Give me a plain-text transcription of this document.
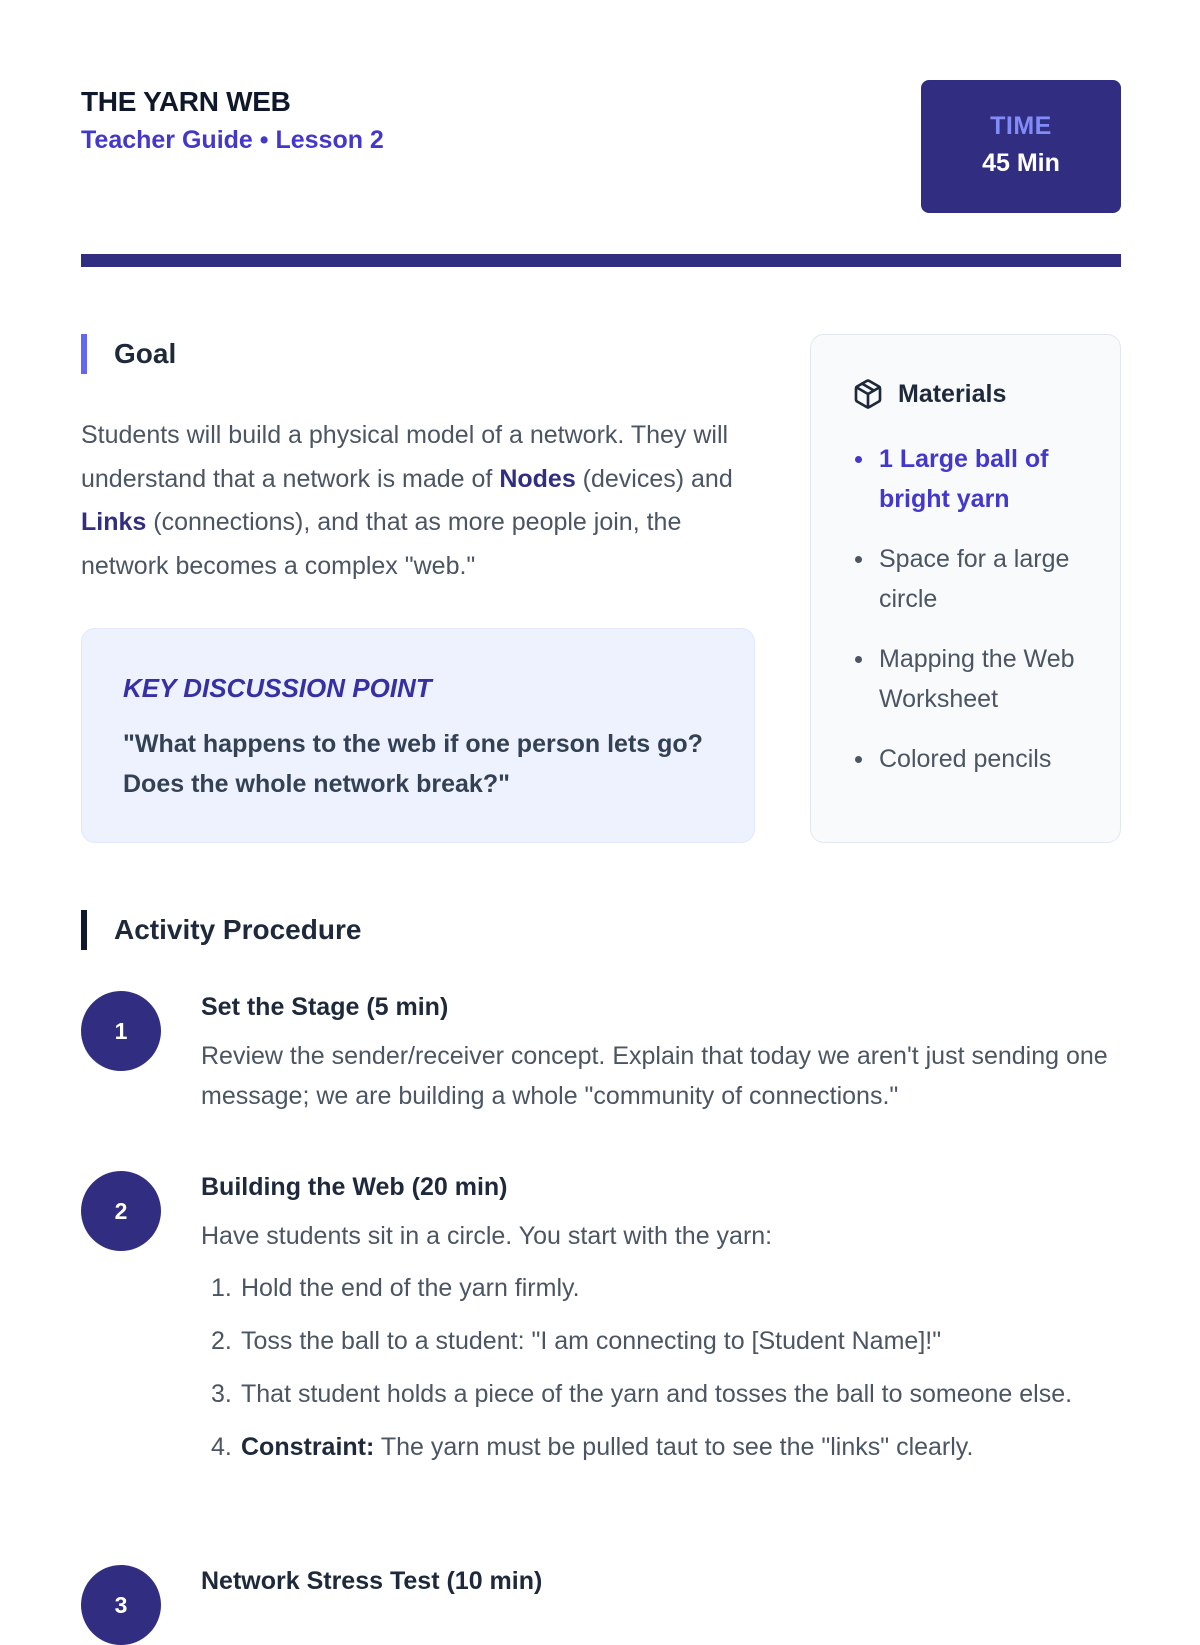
THE YARN WEB
Teacher Guide • Lesson 2	TIME
45 Min
Goal
Students will build a physical model of a network. They will understand that a network is made of Nodes (devices) and Links (connections), and that as more people join, the network becomes a complex "web."
KEY DISCUSSION POINT
"What happens to the web if one person lets go? Does the whole network break?"
Materials
1 Large ball of bright yarn
Space for a large circle
Mapping the Web Worksheet
Colored pencils
Activity Procedure
1
Set the Stage (5 min)
Review the sender/receiver concept. Explain that today we aren't just sending one message; we are building a whole "community of connections."
2
Building the Web (20 min)
Have students sit in a circle. You start with the yarn:
1. Hold the end of the yarn firmly.
2. Toss the ball to a student: "I am connecting to [Student Name]!"
3. That student holds a piece of the yarn and tosses the ball to someone else.
4. Constraint: The yarn must be pulled taut to see the "links" clearly.
3
Network Stress Test (10 min)
